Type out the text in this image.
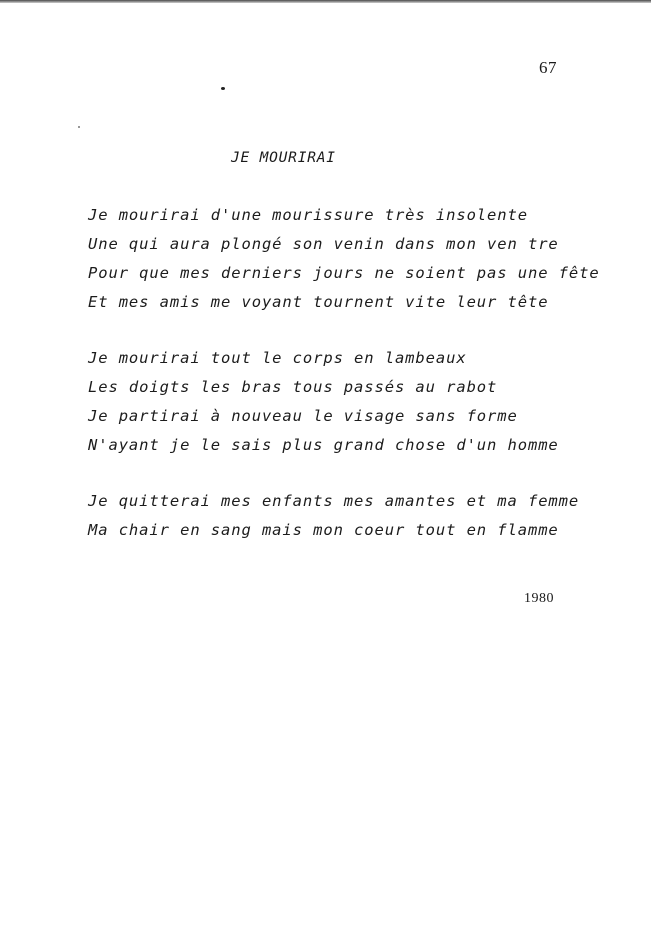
67
JE MOURIRAI
Je mourirai d'une mourissure très insolente
Une qui aura plongé son venin dans mon ven tre
Pour que mes derniers jours ne soient pas une fête
Et mes amis me voyant tournent vite leur tête
Je mourirai tout le corps en lambeaux
Les doigts les bras tous passés au rabot
Je partirai à nouveau le visage sans forme
N'ayant je le sais plus grand chose d'un homme
Je quitterai mes enfants mes amantes et ma femme
Ma chair en sang mais mon coeur tout en flamme
1980
